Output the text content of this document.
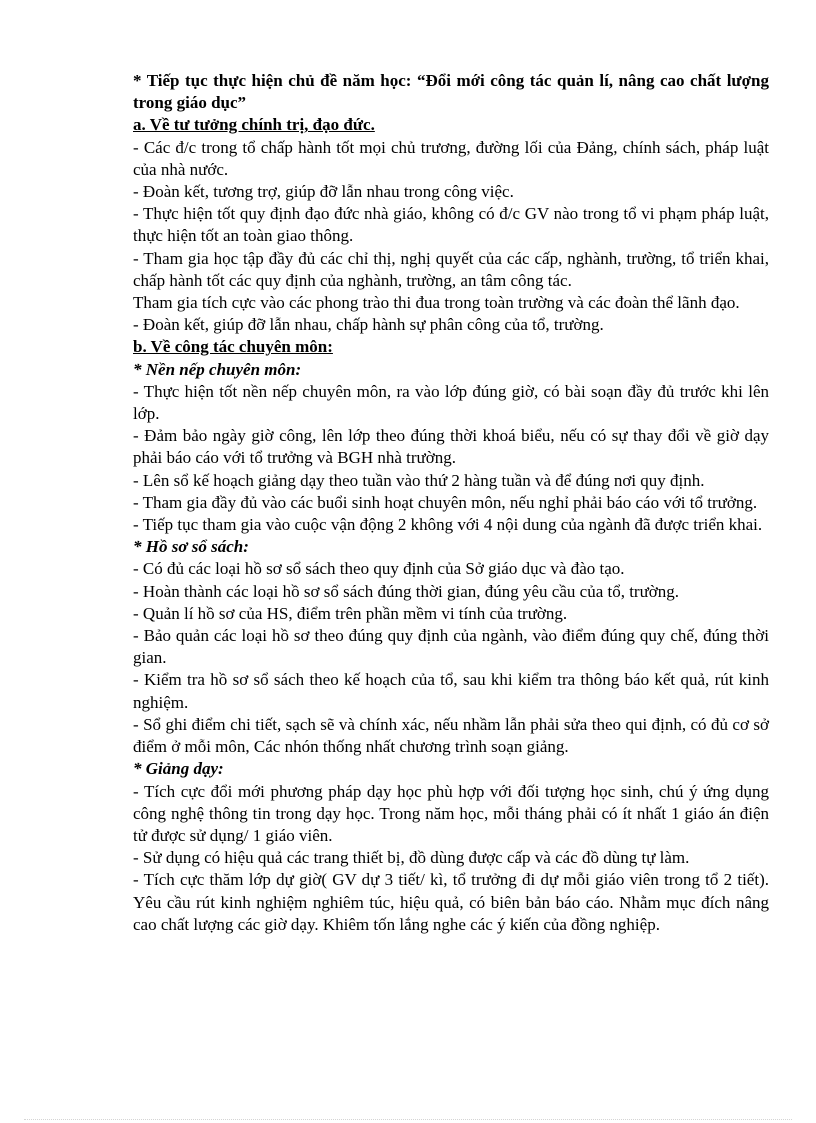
* Tiếp tục thực hiện chủ đề năm học: “Đổi mới công tác quản lí, nâng cao chất lượng trong giáo dục”

a. Về tư tưởng chính trị, đạo đức.

- Các đ/c trong tổ chấp hành tốt mọi chủ trương, đường lối của Đảng, chính sách, pháp luật của nhà nước.

- Đoàn kết, tương trợ, giúp đỡ lẫn nhau trong công việc.

- Thực hiện tốt quy định đạo đức nhà giáo, không có đ/c GV nào trong tổ vi phạm pháp luật, thực hiện tốt an toàn giao thông.

- Tham gia học tập đầy đủ các chỉ thị, nghị quyết của các cấp, nghành, trường, tổ triển khai, chấp hành tốt các quy định của nghành, trường, an tâm công tác.

Tham gia tích cực vào các phong trào thi đua trong toàn trường và các đoàn thể lãnh đạo.

- Đoàn kết, giúp đỡ lẫn nhau, chấp hành sự phân công của tổ, trường.

b. Về công tác chuyên môn:

* Nền nếp chuyên môn:

- Thực hiện tốt nền nếp chuyên môn, ra vào lớp đúng giờ, có bài soạn đầy đủ trước khi lên lớp.

- Đảm bảo ngày giờ công, lên lớp theo đúng thời khoá biểu, nếu có sự thay đổi về giờ dạy phải báo cáo với tổ trưởng và BGH nhà trường.

- Lên sổ kế hoạch giảng dạy theo tuần vào thứ 2 hàng tuần và để đúng nơi quy định.

- Tham gia đầy đủ vào các buổi sinh hoạt chuyên môn, nếu nghỉ phải báo cáo với tổ trưởng.

- Tiếp tục tham gia vào cuộc vận động 2 không với 4 nội dung của ngành đã được triển khai.

* Hồ sơ sổ sách:

- Có đủ các loại hồ sơ sổ sách theo quy định của Sở giáo dục và đào tạo.

- Hoàn thành các loại hồ sơ sổ sách đúng thời gian, đúng yêu cầu của tổ, trường.

- Quản lí hồ sơ của HS, điểm trên phần mềm vi tính của trường.

- Bảo quản các loại hồ sơ theo đúng quy định của ngành, vào điểm đúng quy chế, đúng thời gian.

- Kiểm tra hồ sơ sổ sách theo kế hoạch của tổ, sau khi kiểm tra thông báo kết quả, rút kinh nghiệm.

- Sổ ghi điểm chi tiết, sạch sẽ và chính xác, nếu nhầm lẫn phải sửa theo qui định, có đủ cơ sở điểm ở mỗi môn, Các nhón thống nhất chương trình soạn giảng.

* Giảng dạy:

- Tích cực đổi mới phương pháp dạy học phù hợp với đối tượng học sinh, chú ý ứng dụng công nghệ thông tin trong dạy học. Trong năm học, mỗi tháng phải có ít nhất 1 giáo án điện tử được sử dụng/ 1 giáo viên.

- Sử dụng có hiệu quả các trang thiết bị, đồ dùng được cấp và các đồ dùng tự làm.

- Tích cực thăm lớp dự giờ( GV dự 3 tiết/ kì, tổ trưởng đi dự mỗi giáo viên trong tổ 2 tiết). Yêu cầu rút kinh nghiệm nghiêm túc, hiệu quả, có biên bản báo cáo. Nhằm mục đích nâng cao chất lượng các giờ dạy. Khiêm tốn lắng nghe các ý kiến của đồng nghiệp.
